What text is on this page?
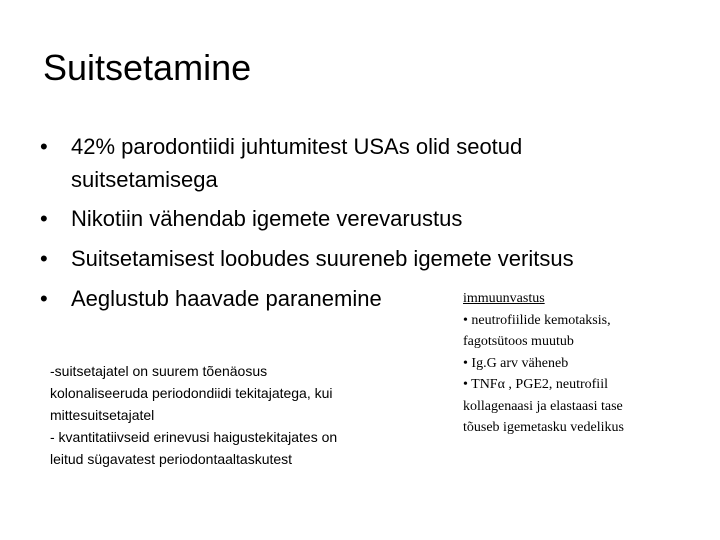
Suitsetamine
• 42% parodontiidi juhtumitest USAs olid seotud
suitsetamisega
• Nikotiin vähendab igemete verevarustus
• Suitsetamisest loobudes suureneb igemete veritsus
• Aeglustub haavade paranemine
-suitsetajatel on suurem tõenäosus
kolonaliseeruda periodondiidi tekitajatega, kui
mittesuitsetajatel
- kvantitatiivseid erinevusi haigustekitajates on
leitud sügavatest periodontaaltaskutest
immuunvastus
• neutrofiilide kemotaksis,
fagotsütoos muutub
• Ig.G arv väheneb
• TNFα , PGE2, neutrofiil
kollagenaasi ja elastaasi tase
tõuseb igemetasku vedelikus
